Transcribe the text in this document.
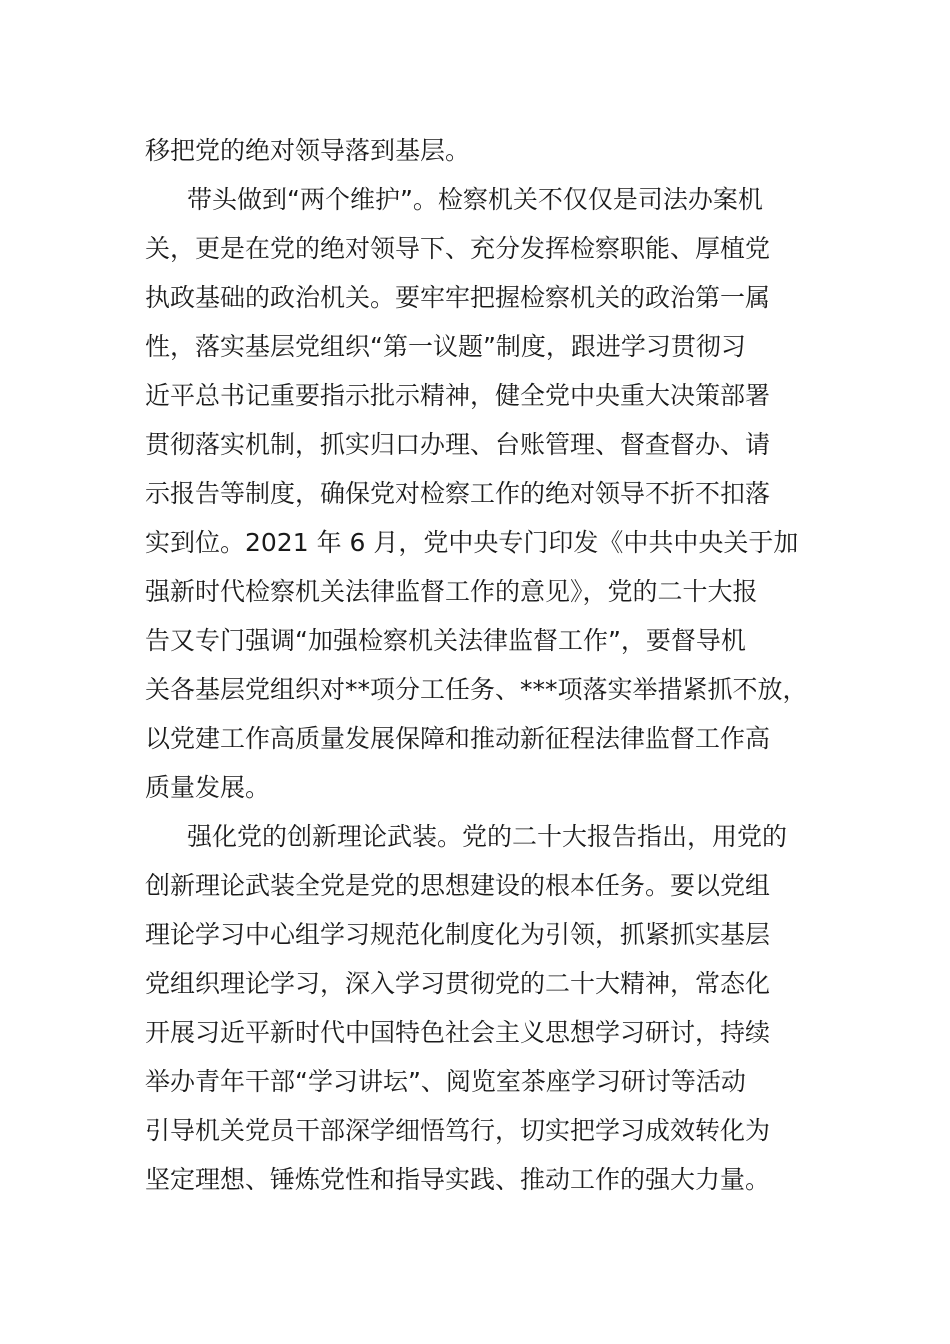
移把党的绝对领导落到基层。
带头做到“两个维护”。检察机关不仅仅是司法办案机
关，更是在党的绝对领导下、充分发挥检察职能、厚植党
执政基础的政治机关。要牢牢把握检察机关的政治第一属
性，落实基层党组织“第一议题”制度，跟进学习贯彻习
近平总书记重要指示批示精神，健全党中央重大决策部署
贯彻落实机制，抓实归口办理、台账管理、督查督办、请
示报告等制度，确保党对检察工作的绝对领导不折不扣落
实到位。2021 年 6 月，党中央专门印发《中共中央关于加
强新时代检察机关法律监督工作的意见》，党的二十大报
告又专门强调“加强检察机关法律监督工作”，要督导机
关各基层党组织对**项分工任务、***项落实举措紧抓不放，
以党建工作高质量发展保障和推动新征程法律监督工作高
质量发展。
强化党的创新理论武装。党的二十大报告指出，用党的
创新理论武装全党是党的思想建设的根本任务。要以党组
理论学习中心组学习规范化制度化为引领，抓紧抓实基层
党组织理论学习，深入学习贯彻党的二十大精神，常态化
开展习近平新时代中国特色社会主义思想学习研讨，持续
举办青年干部“学习讲坛”、阅览室茶座学习研讨等活动
引导机关党员干部深学细悟笃行，切实把学习成效转化为
坚定理想、锤炼党性和指导实践、推动工作的强大力量。
